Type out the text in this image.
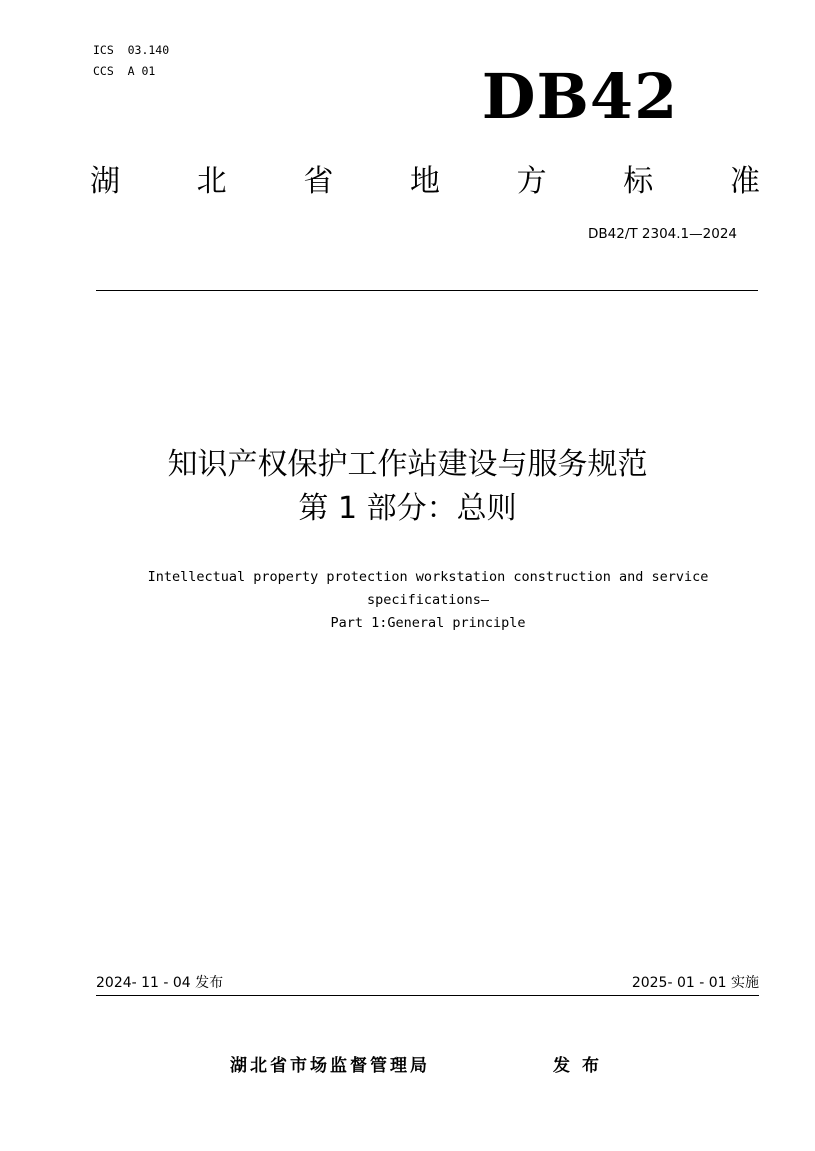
ICS  03.140
CCS  A 01	DB42
湖	北	省	地	方	标	准
DB42/T 2304.1—2024
知识产权保护工作站建设与服务规范
第 1 部分：总则
Intellectual property protection workstation construction and service
specifications—
Part 1:General principle
2024- 11 - 04 发布	2025- 01 - 01 实施
湖北省市场监督管理局	发布
